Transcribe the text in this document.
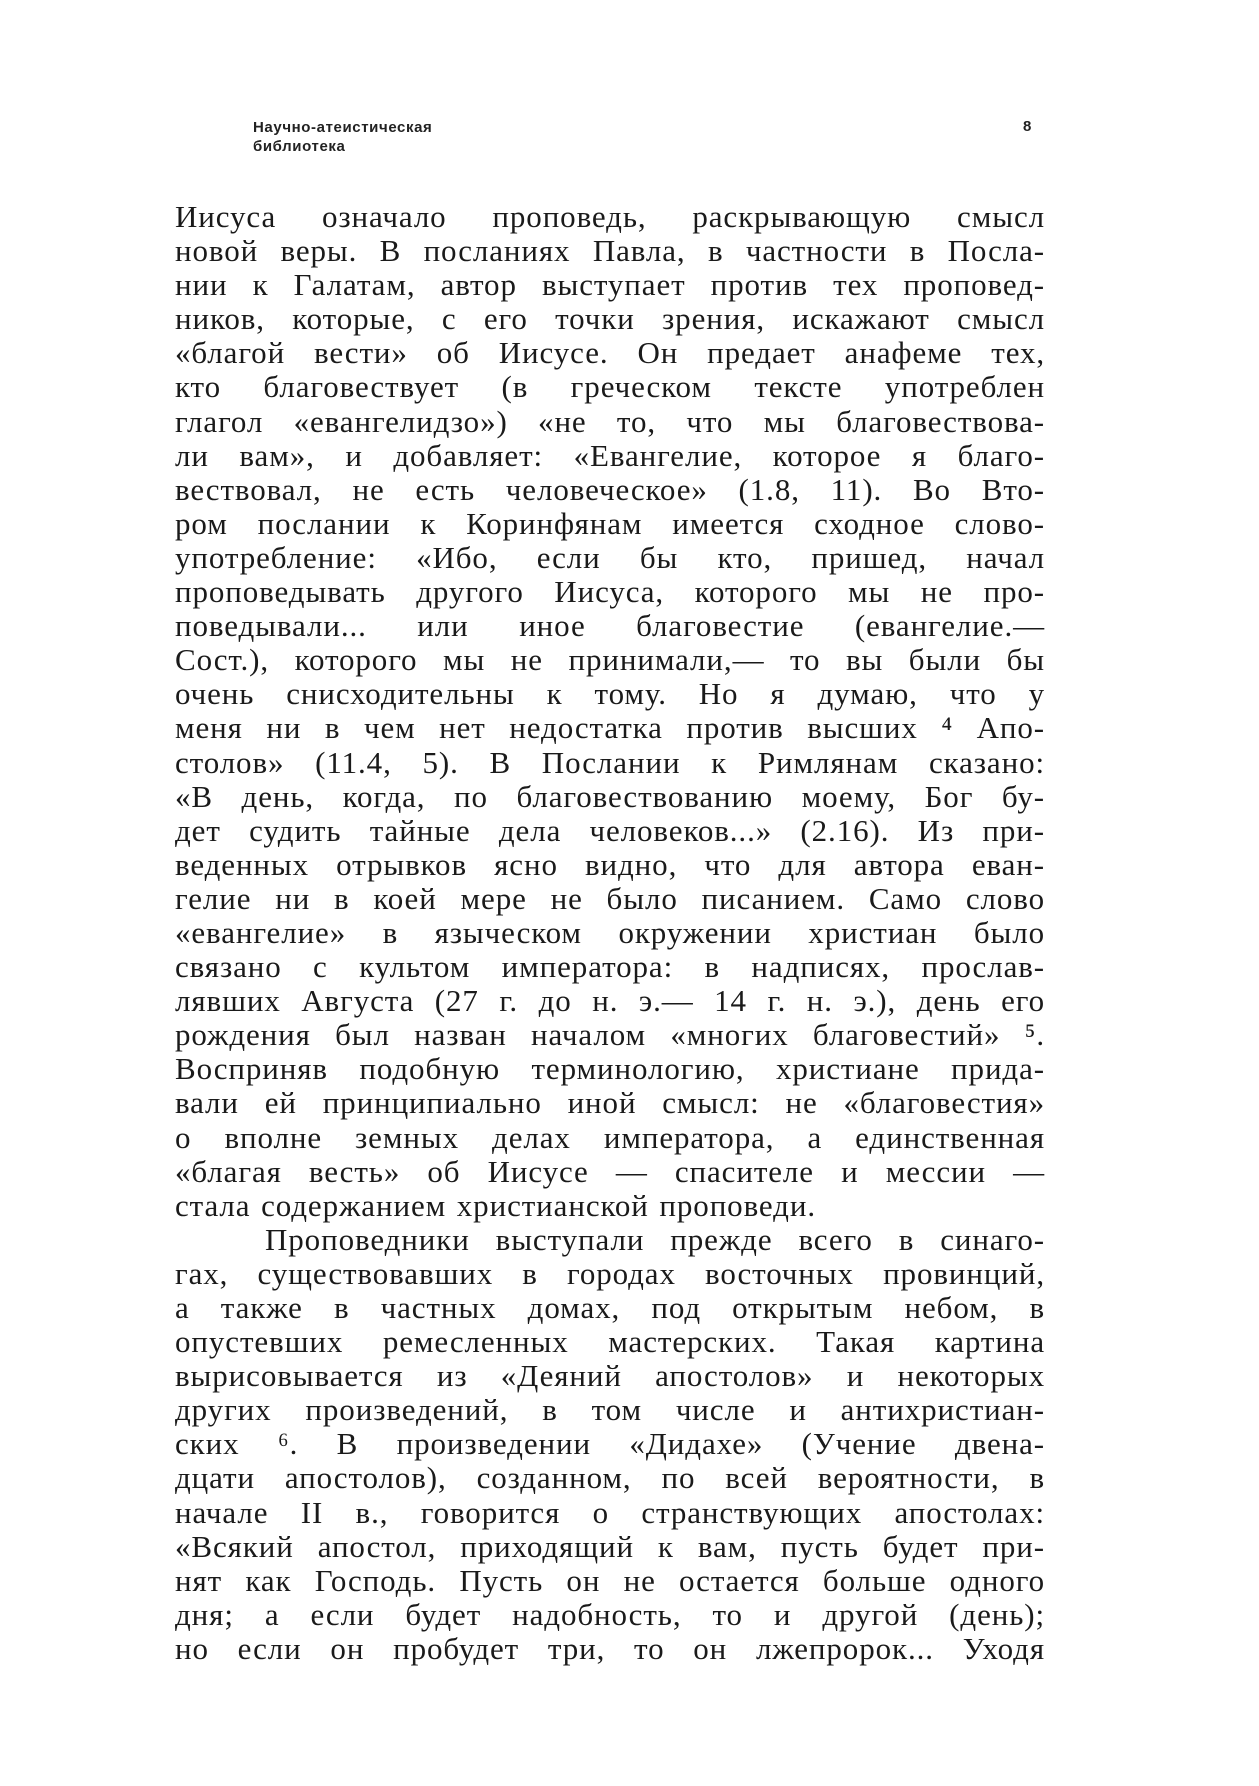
Научно-атеистическая
библиотека
8
Иисуса означало проповедь, раскрывающую смысл
новой веры. В посланиях Павла, в частности в Посла-
нии к Галатам, автор выступает против тех проповед-
ников, которые, с его точки зрения, искажают смысл
«благой вести» об Иисусе. Он предает анафеме тех,
кто благовествует (в греческом тексте употреблен
глагол «евангелидзо») «не то, что мы благовествова-
ли вам», и добавляет: «Евангелие, которое я благо-
вествовал, не есть человеческое» (1.8, 11). Во Вто-
ром послании к Коринфянам имеется сходное слово-
употребление: «Ибо, если бы кто, пришед, начал
проповедывать другого Иисуса, которого мы не про-
поведывали... или иное благовестие (евангелие.—
Сост.), которого мы не принимали,— то вы были бы
очень снисходительны к тому. Но я думаю, что у
меня ни в чем нет недостатка против высших ⁴ Апо-
столов» (11.4, 5). В Послании к Римлянам сказано:
«В день, когда, по благовествованию моему, Бог бу-
дет судить тайные дела человеков...» (2.16). Из при-
веденных отрывков ясно видно, что для автора еван-
гелие ни в коей мере не было писанием. Само слово
«евангелие» в языческом окружении христиан было
связано с культом императора: в надписях, прослав-
лявших Августа (27 г. до н. э.— 14 г. н. э.), день его
рождения был назван началом «многих благовестий» ⁵.
Восприняв подобную терминологию, христиане прида-
вали ей принципиально иной смысл: не «благовестия»
о вполне земных делах императора, а единственная
«благая весть» об Иисусе — спасителе и мессии —
стала содержанием христианской проповеди.
Проповедники выступали прежде всего в синаго-
гах, существовавших в городах восточных провинций,
а также в частных домах, под открытым небом, в
опустевших ремесленных мастерских. Такая картина
вырисовывается из «Деяний апостолов» и некоторых
других произведений, в том числе и антихристиан-
ских ⁶. В произведении «Дидахе» (Учение двена-
дцати апостолов), созданном, по всей вероятности, в
начале II в., говорится о странствующих апостолах:
«Всякий апостол, приходящий к вам, пусть будет при-
нят как Господь. Пусть он не остается больше одного
дня; а если будет надобность, то и другой (день);
но если он пробудет три, то он лжепророк... Уходя
